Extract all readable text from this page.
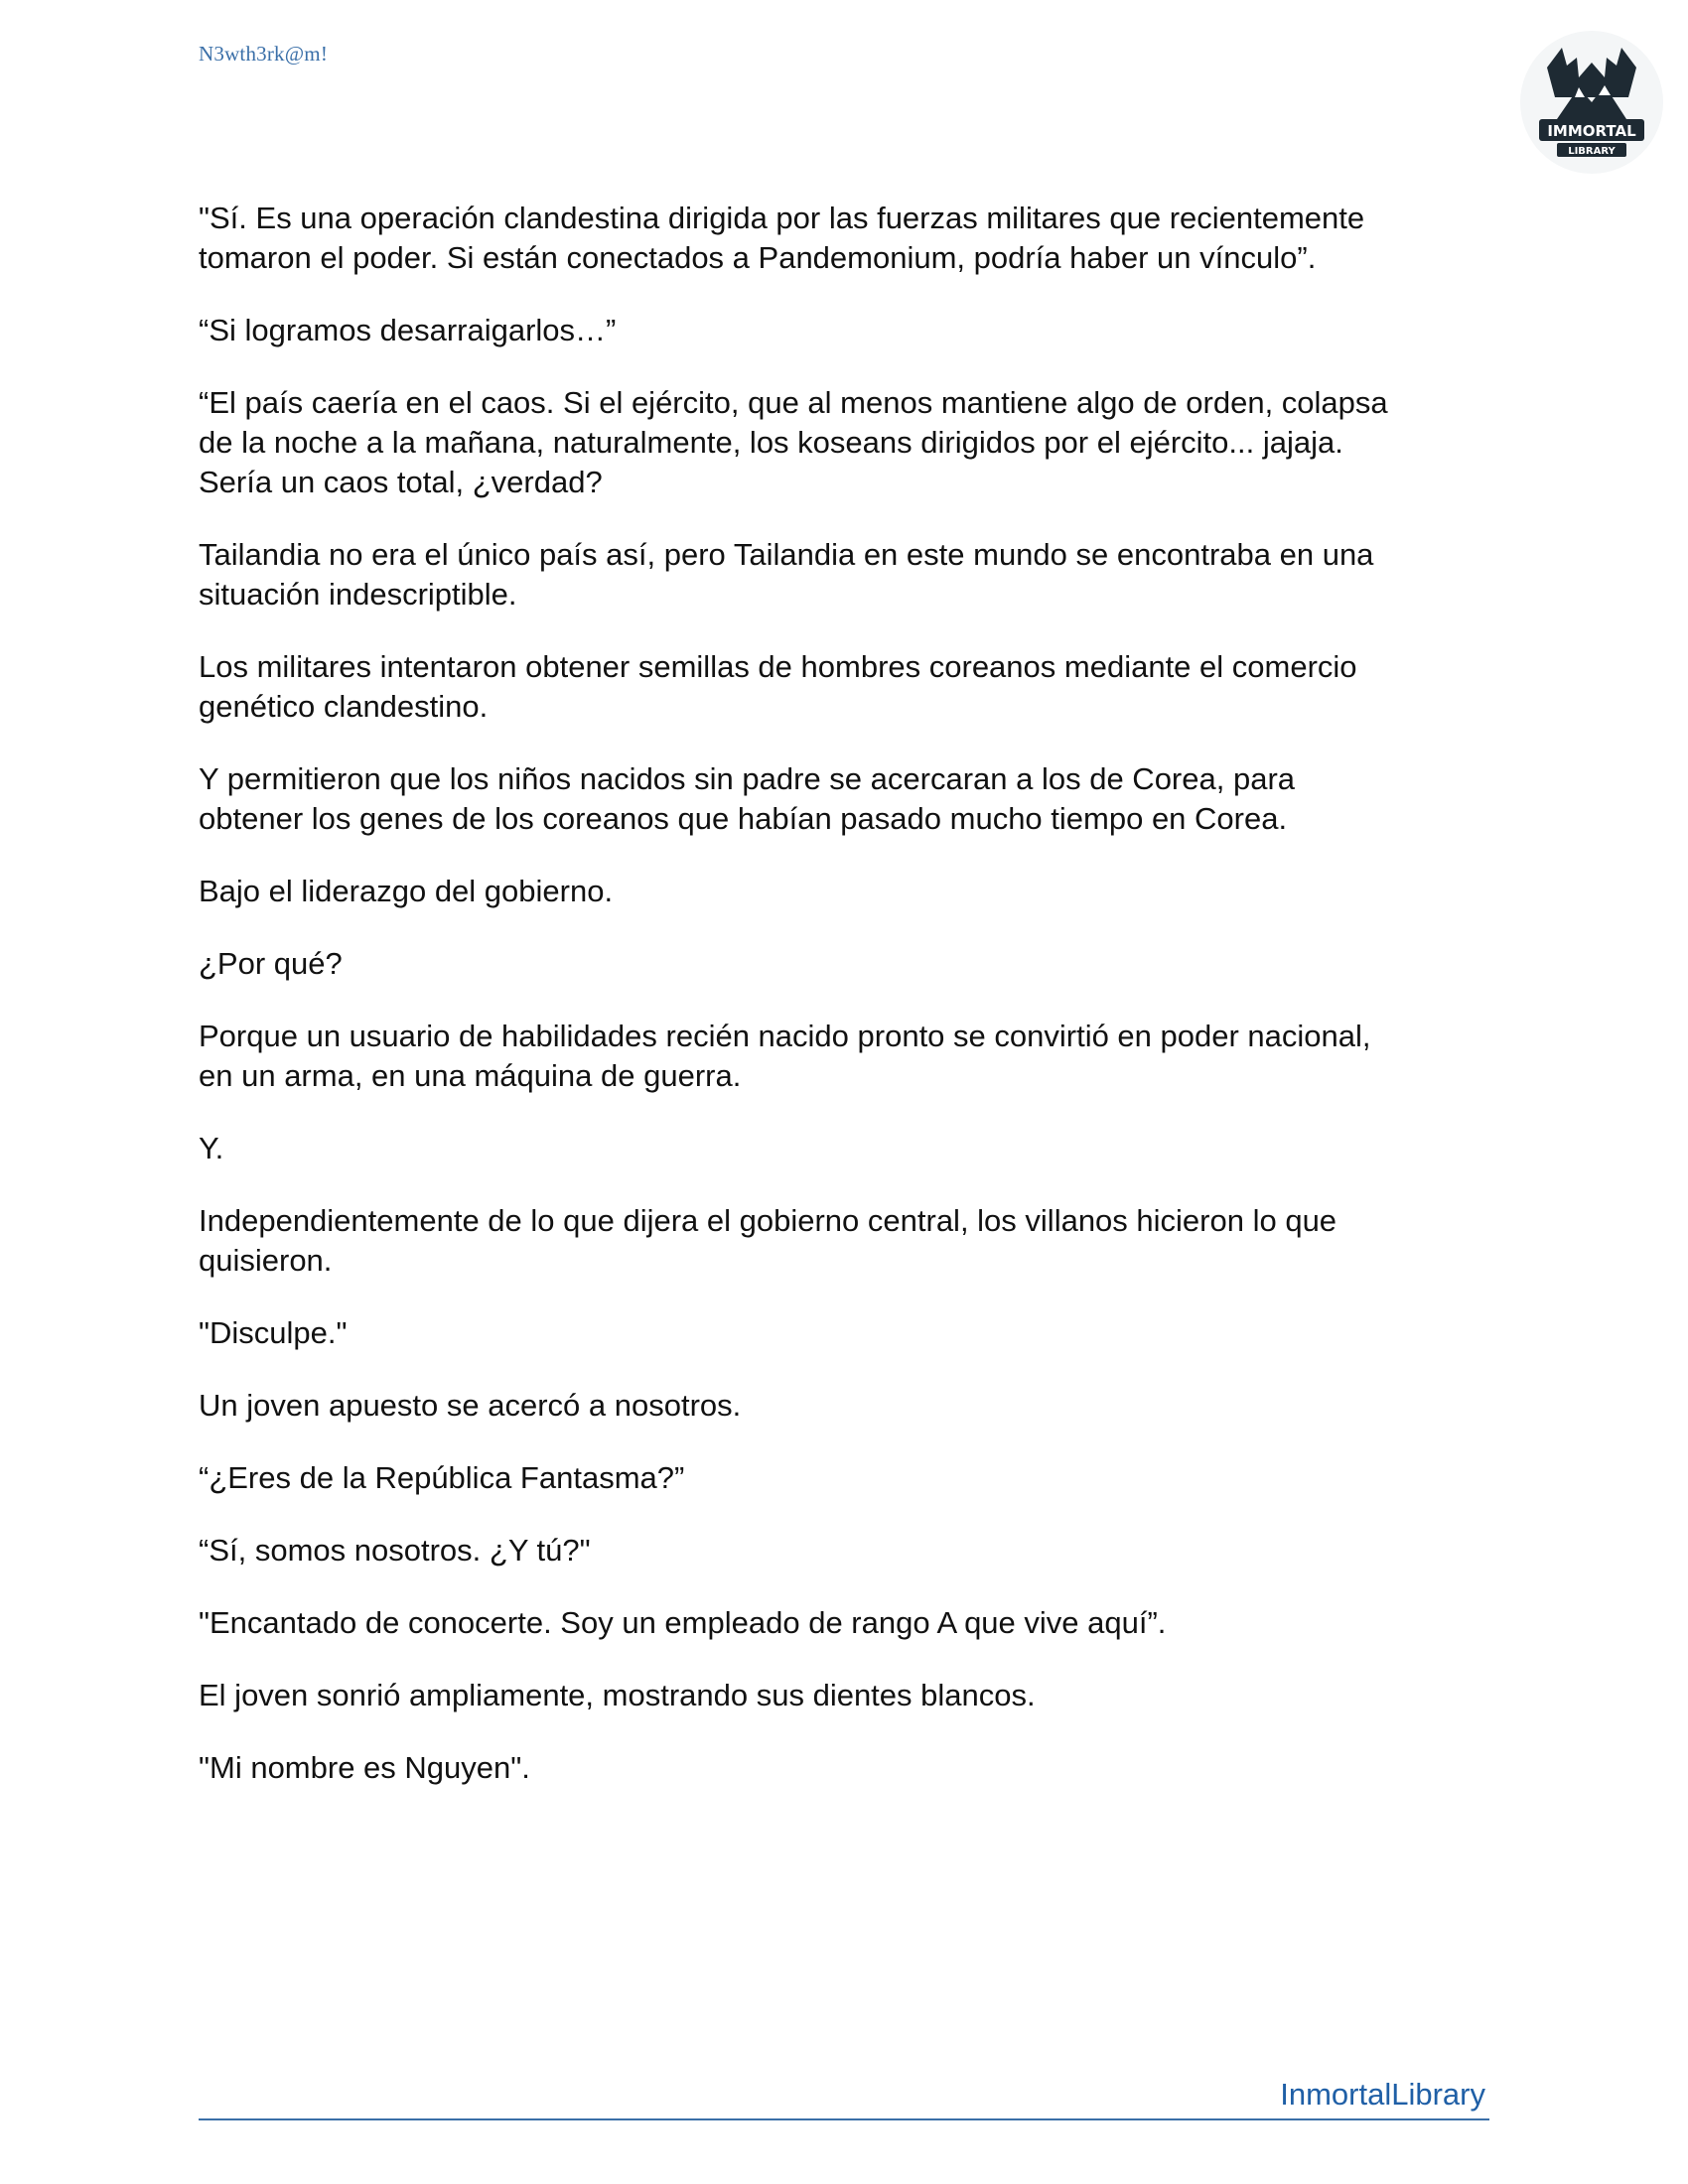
N3wth3rk@m!
IMMORTAL
LIBRARY

"Sí. Es una operación clandestina dirigida por las fuerzas militares que recientemente
tomaron el poder. Si están conectados a Pandemonium, podría haber un vínculo”.

“Si logramos desarraigarlos…”

“El país caería en el caos. Si el ejército, que al menos mantiene algo de orden, colapsa
de la noche a la mañana, naturalmente, los koseans dirigidos por el ejército... jajaja.
Sería un caos total, ¿verdad?

Tailandia no era el único país así, pero Tailandia en este mundo se encontraba en una
situación indescriptible.

Los militares intentaron obtener semillas de hombres coreanos mediante el comercio
genético clandestino.

Y permitieron que los niños nacidos sin padre se acercaran a los de Corea, para
obtener los genes de los coreanos que habían pasado mucho tiempo en Corea.

Bajo el liderazgo del gobierno.

¿Por qué?

Porque un usuario de habilidades recién nacido pronto se convirtió en poder nacional,
en un arma, en una máquina de guerra.

Y.

Independientemente de lo que dijera el gobierno central, los villanos hicieron lo que
quisieron.

"Disculpe."

Un joven apuesto se acercó a nosotros.

“¿Eres de la República Fantasma?”

“Sí, somos nosotros. ¿Y tú?"

"Encantado de conocerte. Soy un empleado de rango A que vive aquí”.

El joven sonrió ampliamente, mostrando sus dientes blancos.

"Mi nombre es Nguyen".

InmortalLibrary
